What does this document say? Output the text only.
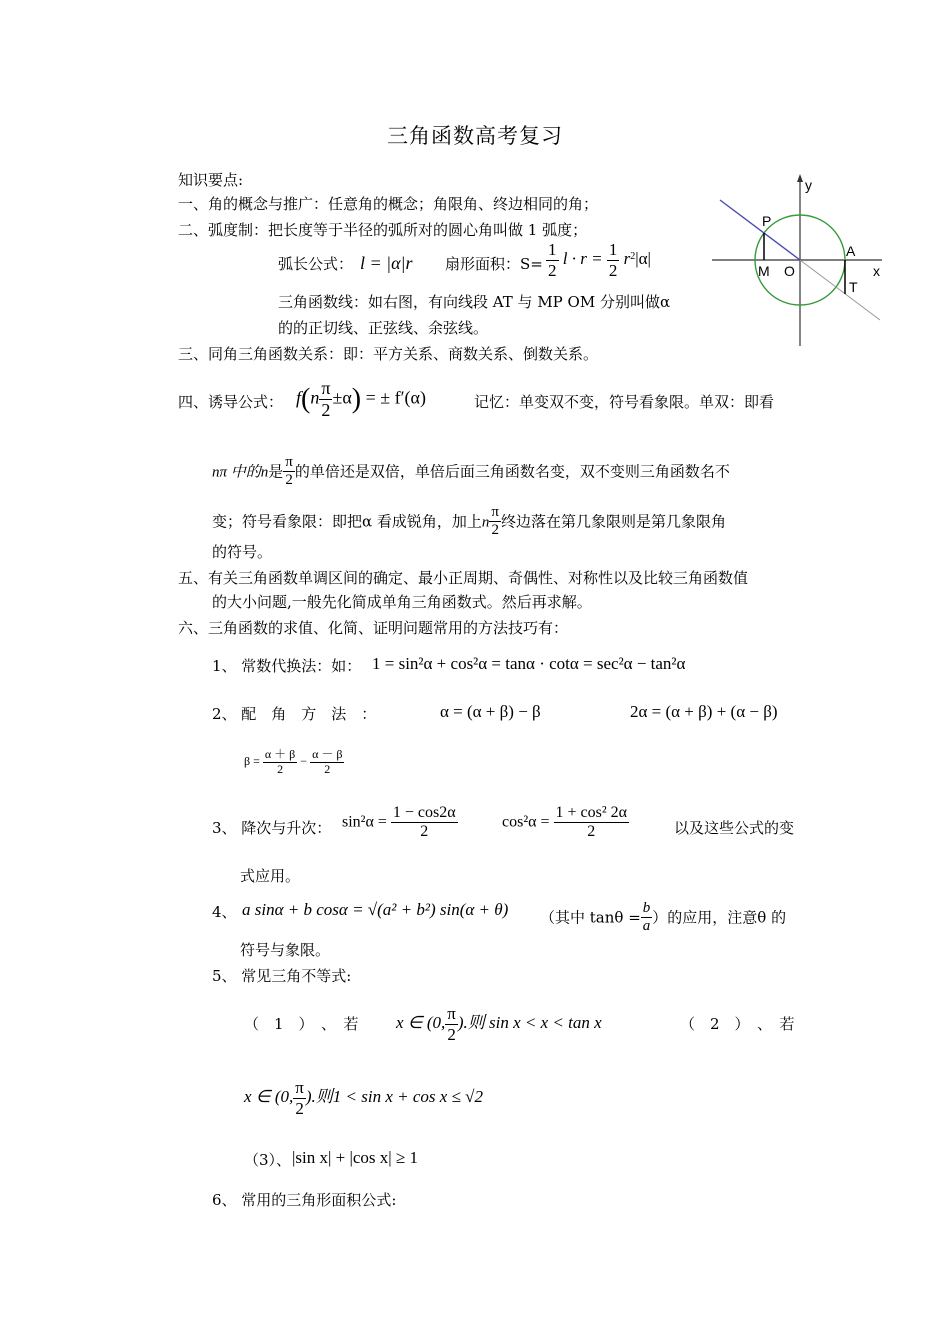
三角函数高考复习
知识要点:
一、角的概念与推广：任意角的概念；角限角、终边相同的角；
二、弧度制：把长度等于半径的弧所对的圆心角叫做 1 弧度；
弧长公式： l = |α|r 扇形面积：$S= \frac{1}{2}$ $l \cdot r = \frac{1}{2} r^2|\alpha|$
三角函数线：如右图，有向线段 AT 与 MP OM 分别叫做α
的的正切线、正弦线、余弦线。
三、同角三角函数关系：即：平方关系、商数关系、倒数关系。
四、诱导公式： $f(n \frac{\pi}{2} \pm\alpha)$ = ± f′(α)	记忆：单变双不变，符号看象限。单双：即看
nπ 中的n是 $\frac{\pi}{2}$ 的单倍还是双倍，单倍后面三角函数名变，双不变则三角函数名不
变；符号看象限：即把α 看成锐角，加上n $\frac{\pi}{2}$ 终边落在第几象限则是第几象限角
的符号。
五、有关三角函数单调区间的确定、最小正周期、奇偶性、对称性以及比较三角函数值
的大小问题,一般先化简成单角三角函数式。然后再求解。
六、三角函数的求值、化简、证明问题常用的方法技巧有：
1、 常数代换法：如： 1 = sin²α + cos²α = tanα · cotα = sec²α − tan²α
2、 配　角　方　法　：	α = (α + β) − β	2α = (α + β) + (α − β)
$\beta = \frac{\alpha + \beta}{2} - \frac{\alpha - \beta}{2}$
3、 降次与升次： $\sin^2\alpha = \frac{1 - \cos 2\alpha}{2}$	$\cos^2\alpha = \frac{\text{1 + cos² 2α}}{2}$	以及这些公式的变
式应用。
4、 a sinα + b cosα = √(a² + b²) sin(α + θ) （其中 $\tan\theta = \frac{b}{a}$ ）的应用，注意θ 的
符号与象限。
5、 常见三角不等式:
（　1　）　、　若 x ∈ (0, $\frac{\pi}{2}$ ).则 sin x < x < tan x	（　2　）　、　若
x ∈ (0, $\frac{\pi}{2}$ ).则1 < sin x + cos x ≤ √2
（3）、 |sin x| + |cos x| ≥ 1
6、 常用的三角形面积公式:
y
x
P
A
M O
T
